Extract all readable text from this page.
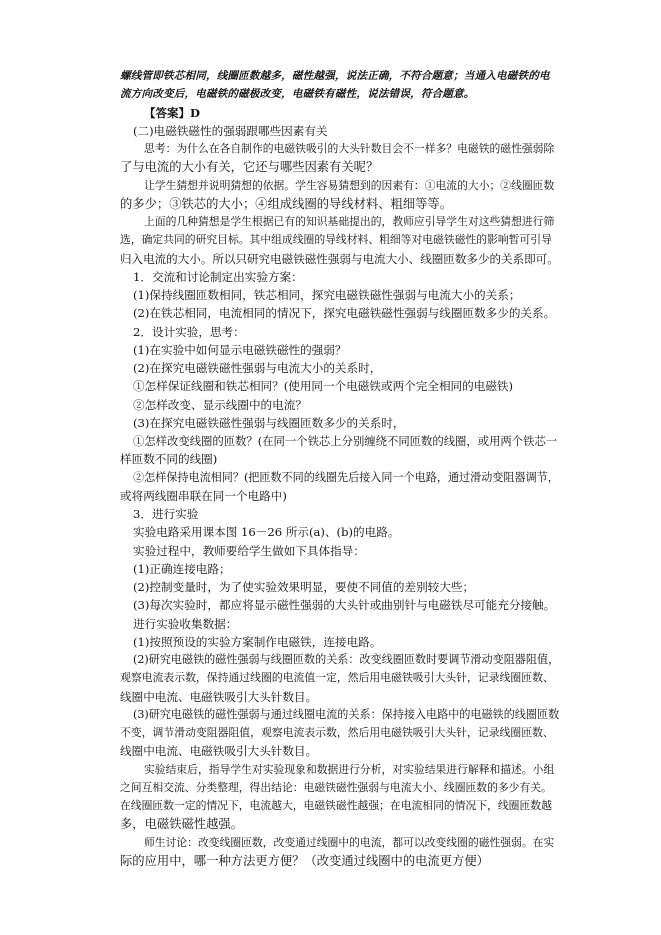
螺线管即铁芯相同，线圈匝数越多，磁性越强，说法正确，不符合题意；当通入电磁铁的电
流方向改变后，电磁铁的磁极改变，电磁铁有磁性，说法错误，符合题意。
【答案】D
(二)电磁铁磁性的强弱跟哪些因素有关
思考：为什么在各自制作的电磁铁吸引的大头针数目会不一样多？电磁铁的磁性强弱除
了与电流的大小有关，它还与哪些因素有关呢？
让学生猜想并说明猜想的依据。学生容易猜想到的因素有：①电流的大小；②线圈匝数
的多少；③铁芯的大小；④组成线圈的导线材料、粗细等等。
上面的几种猜想是学生根据已有的知识基础提出的，教师应引导学生对这些猜想进行筛
选，确定共同的研究目标。其中组成线圈的导线材料、粗细等对电磁铁磁性的影响暂可引导
归入电流的大小。所以只研究电磁铁磁性强弱与电流大小、线圈匝数多少的关系即可。
1．交流和讨论制定出实验方案：
(1)保持线圈匝数相同，铁芯相同，探究电磁铁磁性强弱与电流大小的关系；
(2)在铁芯相同，电流相同的情况下，探究电磁铁磁性强弱与线圈匝数多少的关系。
2．设计实验，思考：
(1)在实验中如何显示电磁铁磁性的强弱？
(2)在探究电磁铁磁性强弱与电流大小的关系时，
①怎样保证线圈和铁芯相同？(使用同一个电磁铁或两个完全相同的电磁铁)
②怎样改变、显示线圈中的电流？
(3)在探究电磁铁磁性强弱与线圈匝数多少的关系时，
①怎样改变线圈的匝数？(在同一个铁芯上分别缠绕不同匝数的线圈，或用两个铁芯一
样匝数不同的线圈)
②怎样保持电流相同？(把匝数不同的线圈先后接入同一个电路，通过滑动变阻器调节，
或将两线圈串联在同一个电路中)
3．进行实验
实验电路采用课本图 16－26 所示(a)、(b)的电路。
实验过程中，教师要给学生做如下具体指导：
(1)正确连接电路；
(2)控制变量时，为了使实验效果明显，要使不同值的差别较大些；
(3)每次实验时，都应将显示磁性强弱的大头针或曲别针与电磁铁尽可能充分接触。
进行实验收集数据：
(1)按照预设的实验方案制作电磁铁，连接电路。
(2)研究电磁铁的磁性强弱与线圈匝数的关系：改变线圈匝数时要调节滑动变阻器阻值，
观察电流表示数，保持通过线圈的电流值一定，然后用电磁铁吸引大头针，记录线圈匝数、
线圈中电流、电磁铁吸引大头针数目。
(3)研究电磁铁的磁性强弱与通过线圈电流的关系：保持接入电路中的电磁铁的线圈匝数
不变，调节滑动变阻器阻值，观察电流表示数，然后用电磁铁吸引大头针，记录线圈匝数、
线圈中电流、电磁铁吸引大头针数目。
实验结束后，指导学生对实验现象和数据进行分析，对实验结果进行解释和描述。小组
之间互相交流、分类整理，得出结论：电磁铁磁性强弱与电流大小、线圈匝数的多少有关。
在线圈匝数一定的情况下，电流越大，电磁铁磁性越强；在电流相同的情况下，线圈匝数越
多，电磁铁磁性越强。
师生讨论：改变线圈匝数，改变通过线圈中的电流，都可以改变线圈的磁性强弱。在实
际的应用中，哪一种方法更方便？（改变通过线圈中的电流更方便）
